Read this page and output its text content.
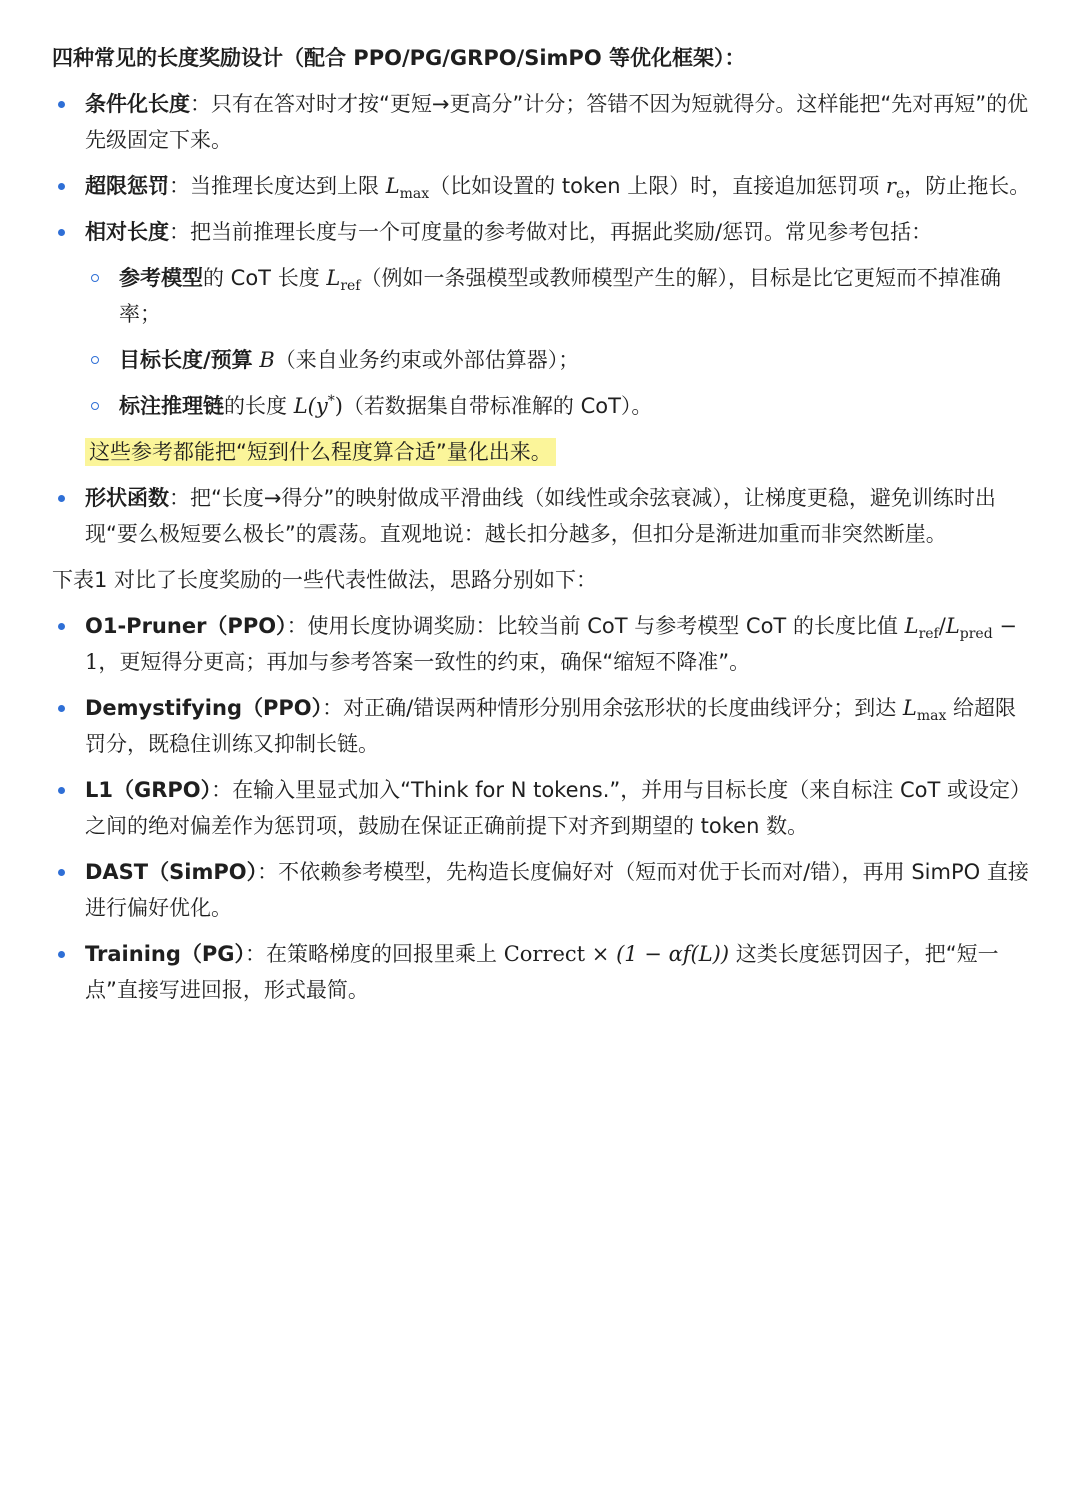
四种常见的长度奖励设计（配合 PPO/PG/GRPO/SimPO 等优化框架）：
条件化长度：只有在答对时才按“更短→更高分”计分；答错不因为短就得分。这样能把“先对再短”的优先级固定下来。
超限惩罚：当推理长度达到上限 $L_{max}$（比如设置的 token 上限）时，直接追加惩罚项 $r_e$，防止拖长。
相对长度：把当前推理长度与一个可度量的参考做对比，再据此奖励/惩罚。常见参考包括：
参考模型的 CoT 长度 $L_{ref}$（例如一条强模型或教师模型产生的解），目标是比它更短而不掉准确率；
目标长度/预算 B（来自业务约束或外部估算器）；
标注推理链的长度 L(y*)（若数据集自带标准解的 CoT）。
这些参考都能把“短到什么程度算合适”量化出来。
形状函数：把“长度→得分”的映射做成平滑曲线（如线性或余弦衰减），让梯度更稳，避免训练时出现“要么极短要么极长”的震荡。直观地说：越长扣分越多，但扣分是渐进加重而非突然断崖。
下表1 对比了长度奖励的一些代表性做法，思路分别如下：
O1-Pruner（PPO）：使用长度协调奖励：比较当前 CoT 与参考模型 CoT 的长度比值 $L_{ref}/L_{pred} - 1$，更短得分更高；再加与参考答案一致性的约束，确保“缩短不降准”。
Demystifying（PPO）：对正确/错误两种情形分别用余弦形状的长度曲线评分；到达 $L_{max}$ 给超限罚分，既稳住训练又抑制长链。
L1（GRPO）：在输入里显式加入“Think for N tokens.”，并用与目标长度（来自标注 CoT 或设定）之间的绝对偏差作为惩罚项，鼓励在保证正确前提下对齐到期望的 token 数。
DAST（SimPO）：不依赖参考模型，先构造长度偏好对（短而对优于长而对/错），再用 SimPO 直接进行偏好优化。
Training（PG）：在策略梯度的回报里乘上 Correct × (1 − αf(L)) 这类长度惩罚因子，把“短一点”直接写进回报，形式最简。
